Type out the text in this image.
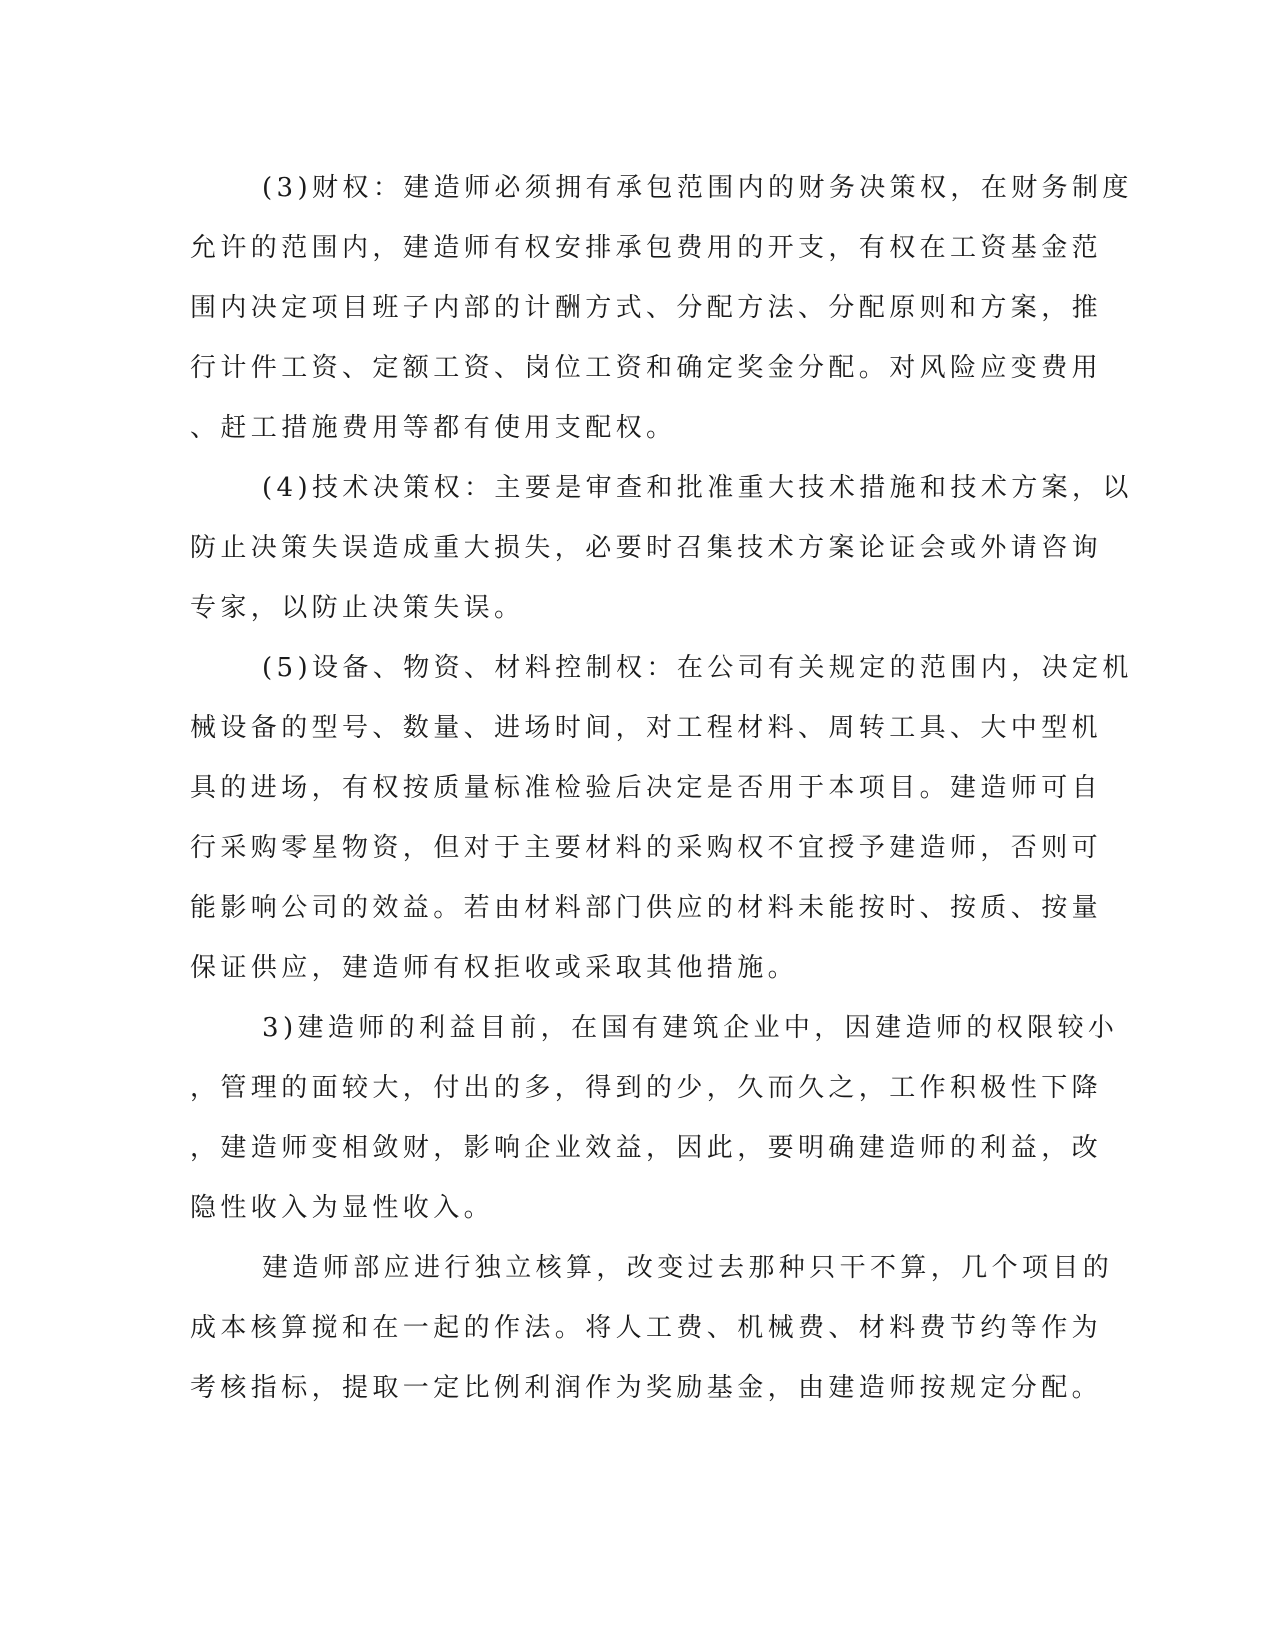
(3)财权：建造师必须拥有承包范围内的财务决策权，在财务制度
允许的范围内，建造师有权安排承包费用的开支，有权在工资基金范
围内决定项目班子内部的计酬方式、分配方法、分配原则和方案，推
行计件工资、定额工资、岗位工资和确定奖金分配。对风险应变费用
、赶工措施费用等都有使用支配权。

(4)技术决策权：主要是审查和批准重大技术措施和技术方案，以
防止决策失误造成重大损失，必要时召集技术方案论证会或外请咨询
专家，以防止决策失误。

(5)设备、物资、材料控制权：在公司有关规定的范围内，决定机
械设备的型号、数量、进场时间，对工程材料、周转工具、大中型机
具的进场，有权按质量标准检验后决定是否用于本项目。建造师可自
行采购零星物资，但对于主要材料的采购权不宜授予建造师，否则可
能影响公司的效益。若由材料部门供应的材料未能按时、按质、按量
保证供应，建造师有权拒收或采取其他措施。

3)建造师的利益目前，在国有建筑企业中，因建造师的权限较小
，管理的面较大，付出的多，得到的少，久而久之，工作积极性下降
，建造师变相敛财，影响企业效益，因此，要明确建造师的利益，改
隐性收入为显性收入。

建造师部应进行独立核算，改变过去那种只干不算，几个项目的
成本核算搅和在一起的作法。将人工费、机械费、材料费节约等作为
考核指标，提取一定比例利润作为奖励基金，由建造师按规定分配。
